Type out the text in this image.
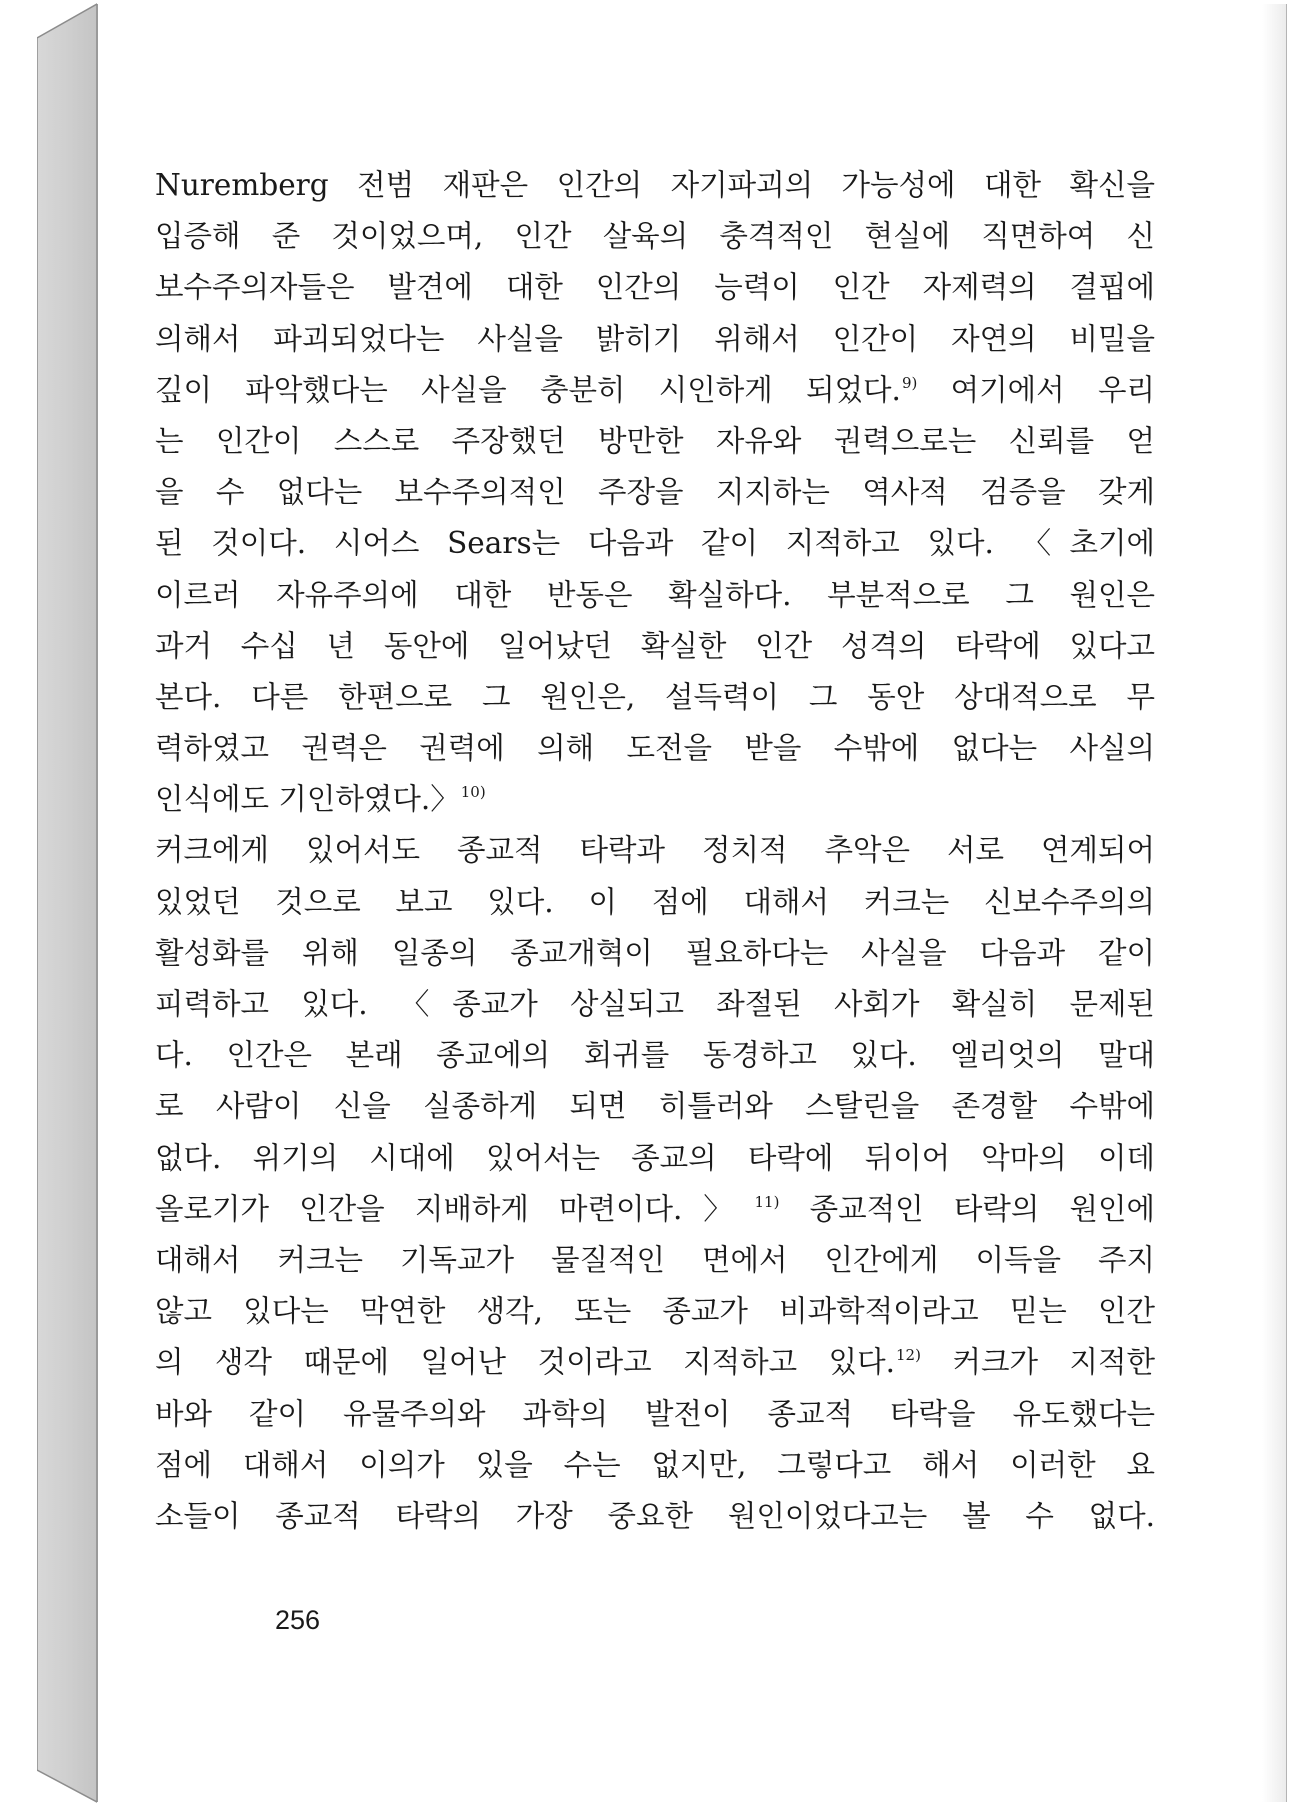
Nuremberg 전범 재판은 인간의 자기파괴의 가능성에 대한 확신을
입증해 준 것이었으며, 인간 살육의 충격적인 현실에 직면하여 신
보수주의자들은 발견에 대한 인간의 능력이 인간 자제력의 결핍에
의해서 파괴되었다는 사실을 밝히기 위해서 인간이 자연의 비밀을
깊이 파악했다는 사실을 충분히 시인하게 되었다.$^{9)}$ 여기에서 우리
는 인간이 스스로 주장했던 방만한 자유와 권력으로는 신뢰를 얻
을 수 없다는 보수주의적인 주장을 지지하는 역사적 검증을 갖게
된 것이다. 시어스 Sears는 다음과 같이 지적하고 있다. 〈초기에
이르러 자유주의에 대한 반동은 확실하다. 부분적으로 그 원인은
과거 수십 년 동안에 일어났던 확실한 인간 성격의 타락에 있다고
본다. 다른 한편으로 그 원인은, 설득력이 그 동안 상대적으로 무
력하였고 권력은 권력에 의해 도전을 받을 수밖에 없다는 사실의
인식에도 기인하였다.〉$^{10)}$
커크에게 있어서도 종교적 타락과 정치적 추악은 서로 연계되어
있었던 것으로 보고 있다. 이 점에 대해서 커크는 신보수주의의
활성화를 위해 일종의 종교개혁이 필요하다는 사실을 다음과 같이
피력하고 있다. 〈종교가 상실되고 좌절된 사회가 확실히 문제된
다. 인간은 본래 종교에의 회귀를 동경하고 있다. 엘리엇의 말대
로 사람이 신을 실종하게 되면 히틀러와 스탈린을 존경할 수밖에
없다. 위기의 시대에 있어서는 종교의 타락에 뒤이어 악마의 이데
올로기가 인간을 지배하게 마련이다.〉$^{11)}$ 종교적인 타락의 원인에
대해서 커크는 기독교가 물질적인 면에서 인간에게 이득을 주지
않고 있다는 막연한 생각, 또는 종교가 비과학적이라고 믿는 인간
의 생각 때문에 일어난 것이라고 지적하고 있다.$^{12)}$ 커크가 지적한
바와 같이 유물주의와 과학의 발전이 종교적 타락을 유도했다는
점에 대해서 이의가 있을 수는 없지만, 그렇다고 해서 이러한 요
소들이 종교적 타락의 가장 중요한 원인이었다고는 볼 수 없다.
256
